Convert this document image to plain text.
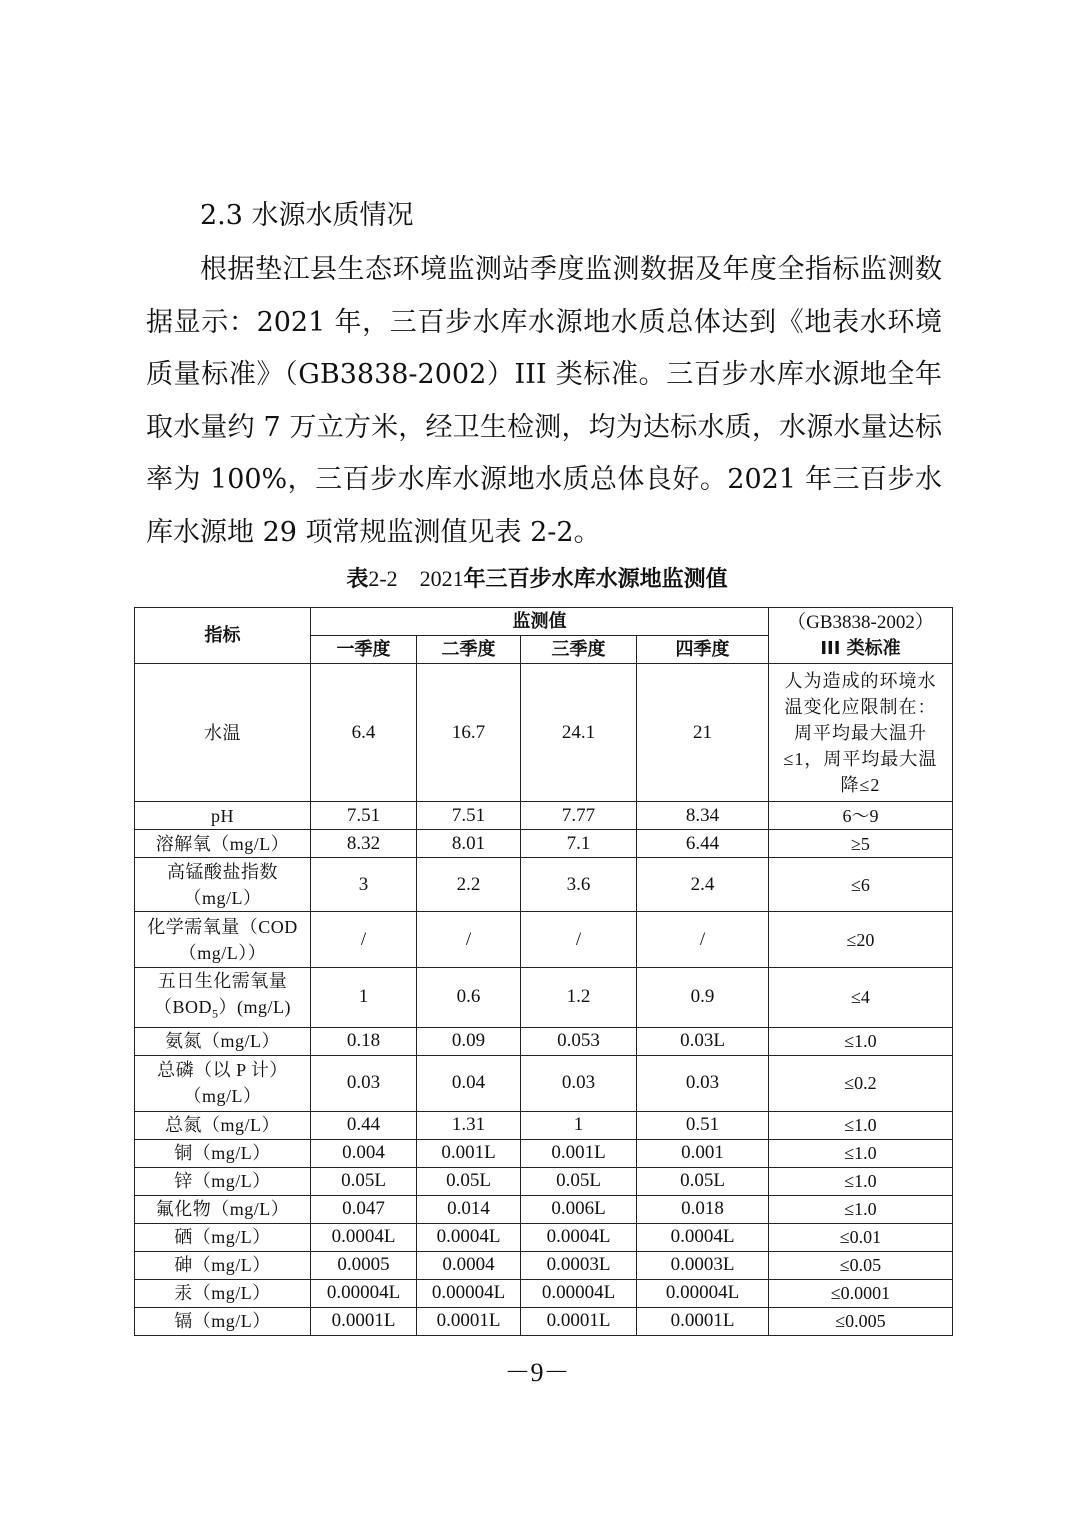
2.3 水源水质情况
根据垫江县生态环境监测站季度监测数据及年度全指标监测数据显示：2021 年，三百步水库水源地水质总体达到《地表水环境质量标准》（GB3838-2002）III 类标准。三百步水库水源地全年取水量约 7 万立方米，经卫生检测，均为达标水质，水源水量达标率为 100%，三百步水库水源地水质总体良好。2021 年三百步水库水源地 29 项常规监测值见表 2-2。
表2-2　2021年三百步水库水源地监测值
指标	监测值				（GB3838-2002）
III 类标准
	一季度	二季度	三季度	四季度	
水温	6.4	16.7	24.1	21	人为造成的环境水温变化应限制在：周平均最大温升≤1，周平均最大温降≤2
pH	7.51	7.51	7.77	8.34	6～9
溶解氧（mg/L）	8.32	8.01	7.1	6.44	≥5
高锰酸盐指数（mg/L）	3	2.2	3.6	2.4	≤6
化学需氧量（COD（mg/L））	/	/	/	/	≤20
五日生化需氧量$(BOD_5)(mg/L)$	1	0.6	1.2	0.9	≤4
氨氮（mg/L）	0.18	0.09	0.053	0.03L	≤1.0
总磷（以 P 计）（mg/L）	0.03	0.04	0.03	0.03	≤0.2
总氮（mg/L）	0.44	1.31	1	0.51	≤1.0
铜（mg/L）	0.004	0.001L	0.001L	0.001	≤1.0
锌（mg/L）	0.05L	0.05L	0.05L	0.05L	≤1.0
氟化物（mg/L）	0.047	0.014	0.006L	0.018	≤1.0
硒（mg/L）	0.0004L	0.0004L	0.0004L	0.0004L	≤0.01
砷（mg/L）	0.0005	0.0004	0.0003L	0.0003L	≤0.05
汞（mg/L）	0.00004L	0.00004L	0.00004L	0.00004L	≤0.0001
镉（mg/L）	0.0001L	0.0001L	0.0001L	0.0001L	≤0.005
－9－
